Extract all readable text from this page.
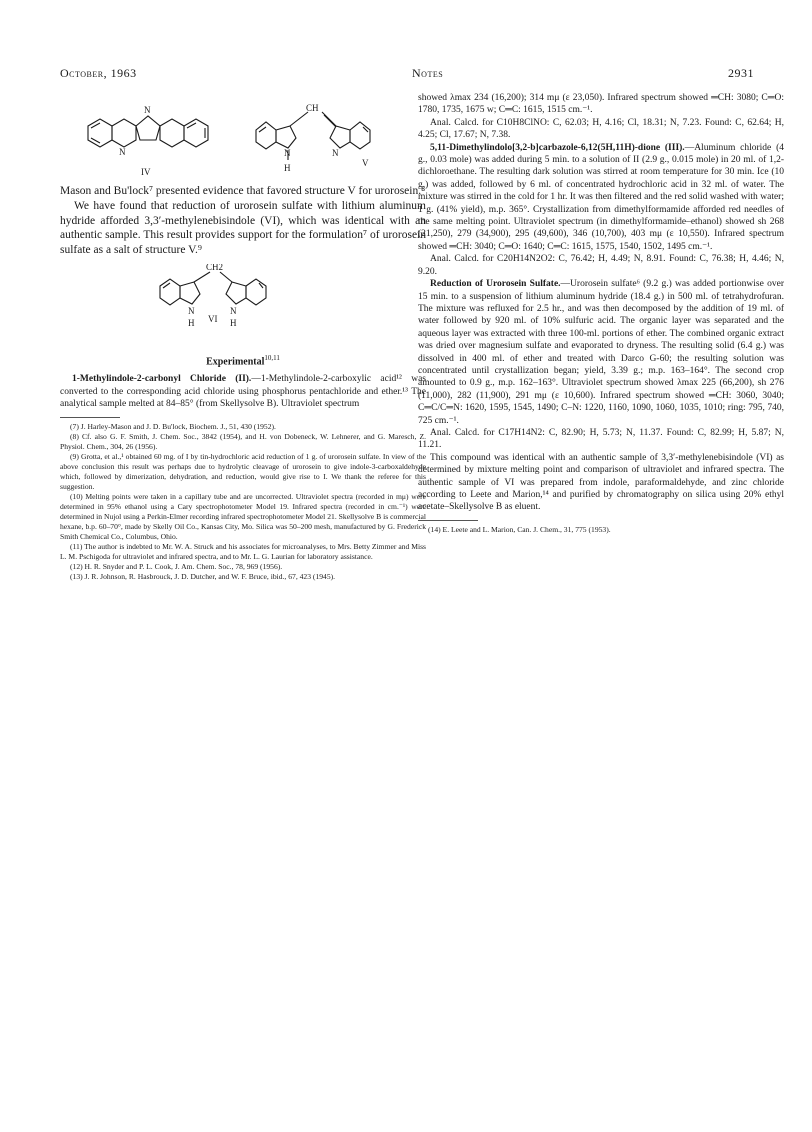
October, 1963	Notes	2931
N
N
IV
CH
N
H
N
V

Mason and Bu'lock⁷ presented evidence that favored structure V for urorosein.⁸

We have found that reduction of urorosein sulfate with lithium aluminum hydride afforded 3,3′-methylenebisindole (VI), which was identical with an authentic sample. This result provides support for the formulation⁷ of urorosein sulfate as a salt of structure V.⁹

CH2
N
H
N
H
VI
Experimental$^{10,11}$

1-Methylindole-2-carbonyl Chloride (II).—1-Methylindole-2-carboxylic acid¹² was converted to the corresponding acid chloride using phosphorus pentachloride and ether.¹³ The analytical sample melted at 84–85° (from Skellysolve B). Ultraviolet spectrum

(7) J. Harley-Mason and J. D. Bu'lock, Biochem. J., 51, 430 (1952).

(8) Cf. also G. F. Smith, J. Chem. Soc., 3842 (1954), and H. von Dobeneck, W. Lehnerer, and G. Maresch, Z. Physiol. Chem., 304, 26 (1956).

(9) Grotta, et al.,¹ obtained 60 mg. of I by tin-hydrochloric acid reduction of 1 g. of urorosein sulfate. In view of the above conclusion this result was perhaps due to hydrolytic cleavage of urorosein to give indole-3-carboxaldehyde which, followed by dimerization, dehydration, and reduction, would give rise to I. We thank the referee for this suggestion.

(10) Melting points were taken in a capillary tube and are uncorrected. Ultraviolet spectra (recorded in mμ) were determined in 95% ethanol using a Cary spectrophotometer Model 19. Infrared spectra (recorded in cm.⁻¹) were determined in Nujol using a Perkin-Elmer recording infrared spectrophotometer Model 21. Skellysolve B is commercial hexane, b.p. 60–70°, made by Skelly Oil Co., Kansas City, Mo. Silica was 50–200 mesh, manufactured by G. Frederick Smith Chemical Co., Columbus, Ohio.

(11) The author is indebted to Mr. W. A. Struck and his associates for microanalyses, to Mrs. Betty Zimmer and Miss L. M. Pschigoda for ultraviolet and infrared spectra, and to Mr. L. G. Laurian for laboratory assistance.

(12) H. R. Snyder and P. L. Cook, J. Am. Chem. Soc., 78, 969 (1956).

(13) J. R. Johnson, R. Hasbrouck, J. D. Dutcher, and W. F. Bruce, ibid., 67, 423 (1945).

showed λmax 234 (16,200); 314 mμ (ε 23,050). Infrared spectrum showed ═CH: 3080; C═O: 1780, 1735, 1675 w; C═C: 1615, 1515 cm.⁻¹.

Anal. Calcd. for C10H8ClNO: C, 62.03; H, 4.16; Cl, 18.31; N, 7.23. Found: C, 62.64; H, 4.25; Cl, 17.67; N, 7.38.

5,11-Dimethylindolo[3,2-b]carbazole-6,12(5H,11H)-dione (III).—Aluminum chloride (4 g., 0.03 mole) was added during 5 min. to a solution of II (2.9 g., 0.015 mole) in 20 ml. of 1,2-dichloroethane. The resulting dark solution was stirred at room temperature for 30 min. Ice (10 g.) was added, followed by 6 ml. of concentrated hydrochloric acid in 32 ml. of water. The mixture was stirred in the cold for 1 hr. It was then filtered and the red solid washed with water; 1 g. (41% yield), m.p. 365°. Crystallization from dimethylformamide afforded red needles of the same melting point. Ultraviolet spectrum (in dimethylformamide–ethanol) showed sh 268 (21,250), 279 (34,900), 295 (49,600), 346 (10,700), 403 mμ (ε 10,550). Infrared spectrum showed ═CH: 3040; C═O: 1640; C═C: 1615, 1575, 1540, 1502, 1495 cm.⁻¹.

Anal. Calcd. for C20H14N2O2: C, 76.42; H, 4.49; N, 8.91. Found: C, 76.38; H, 4.46; N, 9.20.

Reduction of Urorosein Sulfate.—Urorosein sulfate⁶ (9.2 g.) was added portionwise over 15 min. to a suspension of lithium aluminum hydride (18.4 g.) in 500 ml. of tetrahydrofuran. The mixture was refluxed for 2.5 hr., and was then decomposed by the addition of 19 ml. of water followed by 920 ml. of 10% sulfuric acid. The organic layer was separated and the aqueous layer was extracted with three 100-ml. portions of ether. The combined organic extract was dried over magnesium sulfate and evaporated to dryness. The resulting solid (6.4 g.) was dissolved in 400 ml. of ether and treated with Darco G-60; the resulting solution was concentrated until crystallization began; yield, 3.39 g.; m.p. 163–164°. The second crop amounted to 0.9 g., m.p. 162–163°. Ultraviolet spectrum showed λmax 225 (66,200), sh 276 (11,000), 282 (11,900), 291 mμ (ε 10,600). Infrared spectrum showed ═CH: 3060, 3040; C═C/C═N: 1620, 1595, 1545, 1490; C–N: 1220, 1160, 1090, 1060, 1035, 1010; ring: 795, 740, 725 cm.⁻¹.

Anal. Calcd. for C17H14N2: C, 82.90; H, 5.73; N, 11.37. Found: C, 82.99; H, 5.87; N, 11.21.

This compound was identical with an authentic sample of 3,3′-methylenebisindole (VI) as determined by mixture melting point and comparison of ultraviolet and infrared spectra. The authentic sample of VI was prepared from indole, paraformaldehyde, and zinc chloride according to Leete and Marion,¹⁴ and purified by chromatography on silica using 20% ethyl acetate–Skellysolve B as eluent.

(14) E. Leete and L. Marion, Can. J. Chem., 31, 775 (1953).
